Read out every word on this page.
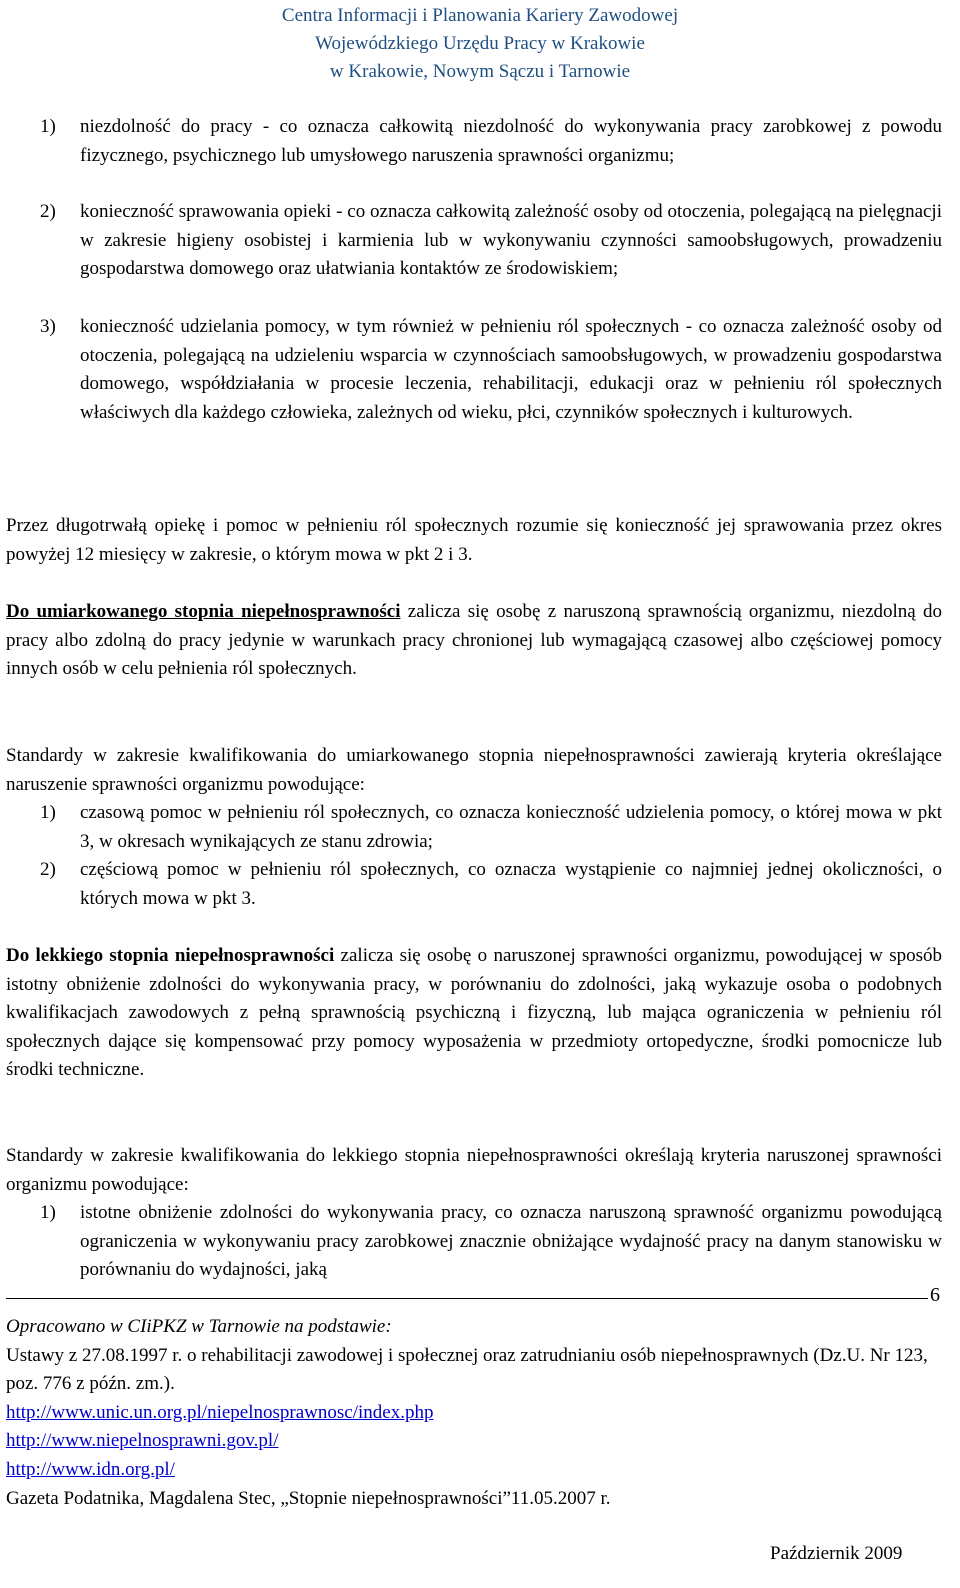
Centra Informacji i Planowania Kariery Zawodowej
Wojewódzkiego Urzędu Pracy w Krakowie
w Krakowie, Nowym Sączu i Tarnowie
1)	niezdolność do pracy - co oznacza całkowitą niezdolność do wykonywania pracy zarobkowej z powodu fizycznego, psychicznego lub umysłowego naruszenia sprawności organizmu;
2)	konieczność sprawowania opieki - co oznacza całkowitą zależność osoby od otoczenia, polegającą na pielęgnacji w zakresie higieny osobistej i karmienia lub w wykonywaniu czynności samoobsługowych, prowadzeniu gospodarstwa domowego oraz ułatwiania kontaktów ze środowiskiem;
3)	konieczność udzielania pomocy, w tym również w pełnieniu ról społecznych - co oznacza zależność osoby od otoczenia, polegającą na udzieleniu wsparcia w czynnościach samoobsługowych, w prowadzeniu gospodarstwa domowego, współdziałania w procesie leczenia, rehabilitacji, edukacji oraz w pełnieniu ról społecznych właściwych dla każdego człowieka, zależnych od wieku, płci, czynników społecznych i kulturowych.
Przez długotrwałą opiekę i pomoc w pełnieniu ról społecznych rozumie się konieczność jej sprawowania przez okres powyżej 12 miesięcy w zakresie, o którym mowa w pkt 2 i 3.
Do umiarkowanego stopnia niepełnosprawności zalicza się osobę z naruszoną sprawnością organizmu, niezdolną do pracy albo zdolną do pracy jedynie w warunkach pracy chronionej lub wymagającą czasowej albo częściowej pomocy innych osób w celu pełnienia ról społecznych.
Standardy w zakresie kwalifikowania do umiarkowanego stopnia niepełnosprawności zawierają kryteria określające naruszenie sprawności organizmu powodujące:
1)	czasową pomoc w pełnieniu ról społecznych, co oznacza konieczność udzielenia pomocy, o której mowa w pkt 3, w okresach wynikających ze stanu zdrowia;
2)	częściową pomoc w pełnieniu ról społecznych, co oznacza wystąpienie co najmniej jednej okoliczności, o których mowa w pkt 3.
Do lekkiego stopnia niepełnosprawności zalicza się osobę o naruszonej sprawności organizmu, powodującej w sposób istotny obniżenie zdolności do wykonywania pracy, w porównaniu do zdolności, jaką wykazuje osoba o podobnych kwalifikacjach zawodowych z pełną sprawnością psychiczną i fizyczną, lub mająca ograniczenia w pełnieniu ról społecznych dające się kompensować przy pomocy wyposażenia w przedmioty ortopedyczne, środki pomocnicze lub środki techniczne.
Standardy w zakresie kwalifikowania do lekkiego stopnia niepełnosprawności określają kryteria naruszonej sprawności organizmu powodujące:
1)	istotne obniżenie zdolności do wykonywania pracy, co oznacza naruszoną sprawność organizmu powodującą ograniczenia w wykonywaniu pracy zarobkowej znacznie obniżające wydajność pracy na danym stanowisku w porównaniu do wydajności, jaką
6
Opracowano w CIiPKZ w Tarnowie na podstawie:
Ustawy z 27.08.1997 r. o rehabilitacji zawodowej i społecznej oraz zatrudnianiu osób niepełnosprawnych (Dz.U. Nr 123, poz. 776 z późn. zm.).
http://www.unic.un.org.pl/niepelnosprawnosc/index.php
http://www.niepelnosprawni.gov.pl/
http://www.idn.org.pl/
Gazeta Podatnika, Magdalena Stec, „Stopnie niepełnosprawności”11.05.2007 r.
Październik 2009
